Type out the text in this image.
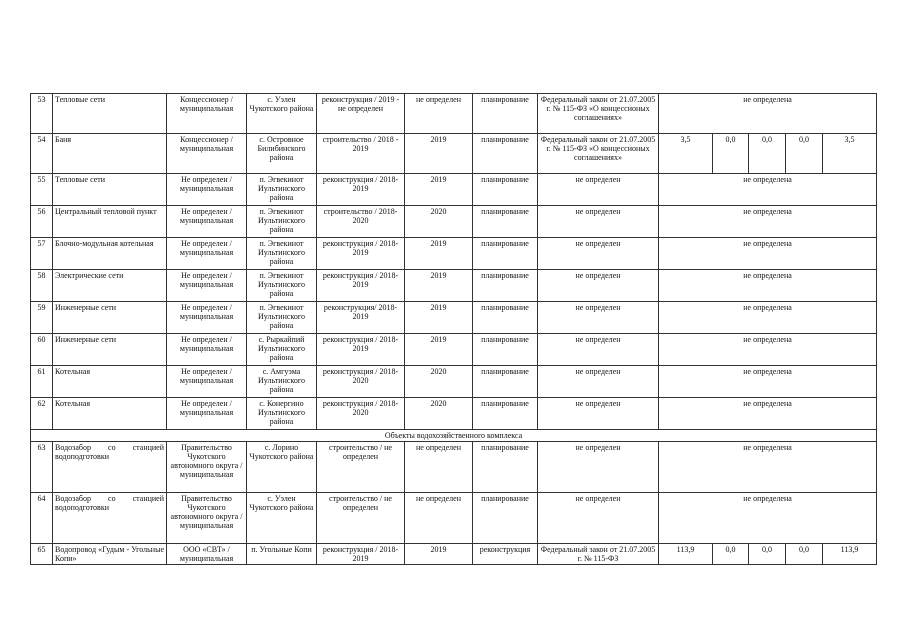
53	Тепловые сети	Концессионер / муниципальная	с. Уэлен Чукотского района	реконструкция / 2019 - не определен	не определен	планирование	Федеральный закон от 21.07.2005 г. № 115-ФЗ «О концессионых соглашениях»	не определена				
54	Баня	Концессионер / муниципальная	с. Островное Билибинского района	строительство / 2018 - 2019	2019	планирование	Федеральный закон от 21.07.2005 г. № 115-ФЗ «О концессионых соглашениях»	3,5	0,0	0,0	0,0	3,5
55	Тепловые сети	Не определен / муниципальная	п. Эгвекинот Иультинского района	реконструкция / 2018-2019	2019	планирование	не определен	не определена				
56	Центральный тепловой пункт	Не определен / муниципальная	п. Эгвекинот Иультинского района	строительство / 2018-2020	2020	планирование	не определен	не определена				
57	Блочно-модульная котельная	Не определен / муниципальная	п. Эгвекинот Иультинского района	реконструкция / 2018-2019	2019	планирование	не определен	не определена				
58	Электрические сети	Не определен / муниципальная	п. Эгвекинот Иультинского района	реконструкция / 2018-2019	2019	планирование	не определен	не определена				
59	Инженерные сети	Не определен / муниципальная	п. Эгвекинот Иультинского района	реконструкция/ 2018-2019	2019	планирование	не определен	не определена				
60	Инженерные сети	Не определен / муниципальная	с. Рыркайпий Иультинского района	реконструкция / 2018-2019	2019	планирование	не определен	не определена				
61	Котельная	Не определен / муниципальная	с. Амгуэма Иультинского района	реконструкция / 2018-2020	2020	планирование	не определен	не определена				
62	Котельная	Не определен / муниципальная	с. Конергино Иультинского района	реконструкция / 2018-2020	2020	планирование	не определен	не определена				
Объекты водохозяйственного комплекса												
63	Водозабор со станцией водоподготовки	Правительство Чукотского автономного округа / муниципальная	с. Лорино Чукотского района	строительство / не определен	не определен	планирование	не определен	не определена				
64	Водозабор со станцией водоподготовки	Правительство Чукотского автономного округа / муниципальная	с. Уэлен Чукотского района	строительство / не определен	не определен	планирование	не определен	не определена				
65	Водопровод «Гудым - Угольные Копи»	ООО «СВТ» / муниципальная	п. Угольные Копи	реконструкция / 2018-2019	2019	реконструкция	Федеральный закон от 21.07.2005 г. № 115-ФЗ	113,9	0,0	0,0	0,0	113,9
